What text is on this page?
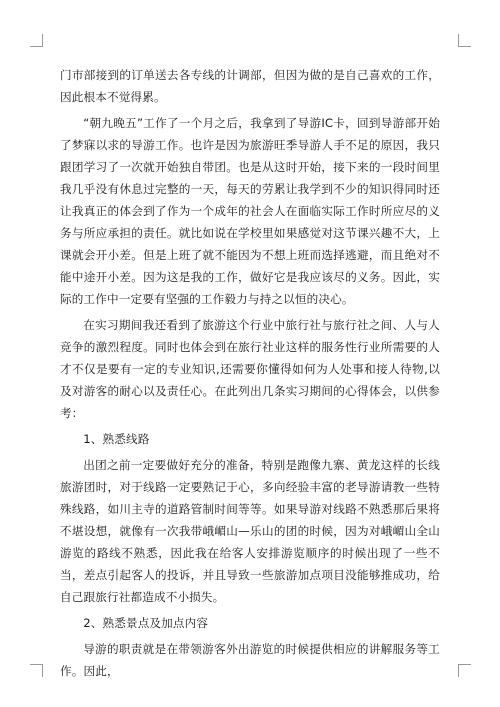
门市部接到的订单送去各专线的计调部，但因为做的是自己喜欢的工作，因此根本不觉得累。

“朝九晚五”工作了一个月之后，我拿到了导游IC卡，回到导游部开始了梦寐以求的导游工作。也许是因为旅游旺季导游人手不足的原因，我只跟团学习了一次就开始独自带团。也是从这时开始，接下来的一段时间里我几乎没有休息过完整的一天，每天的劳累让我学到不少的知识得同时还让我真正的体会到了作为一个成年的社会人在面临实际工作时所应尽的义务与所应承担的责任。就比如说在学校里如果感觉对这节课兴趣不大，上课就会开小差。但是上班了就不能因为不想上班而选择逃避，而且绝对不能中途开小差。因为这是我的工作，做好它是我应该尽的义务。因此，实际的工作中一定要有坚强的工作毅力与持之以恒的决心。

在实习期间我还看到了旅游这个行业中旅行社与旅行社之间、人与人竞争的激烈程度。同时也体会到在旅行社业这样的服务性行业所需要的人才不仅是要有一定的专业知识,还需要你懂得如何为人处事和接人待物,以及对游客的耐心以及责任心。在此列出几条实习期间的心得体会，以供参考：

1、熟悉线路

出团之前一定要做好充分的准备，特别是跑像九寨、黄龙这样的长线旅游团时，对于线路一定要熟记于心，多向经验丰富的老导游请教一些特殊线路，如川主寺的道路管制时间等等。如果导游对线路不熟悉那后果将不堪设想，就像有一次我带峨嵋山—乐山的团的时候，因为对峨嵋山全山游览的路线不熟悉，因此我在给客人安排游览顺序的时候出现了一些不当，差点引起客人的投诉，并且导致一些旅游加点项目没能够推成功，给自己跟旅行社都造成不小损失。

2、熟悉景点及加点内容

导游的职责就是在带领游客外出游览的时候提供相应的讲解服务等工作。因此，
